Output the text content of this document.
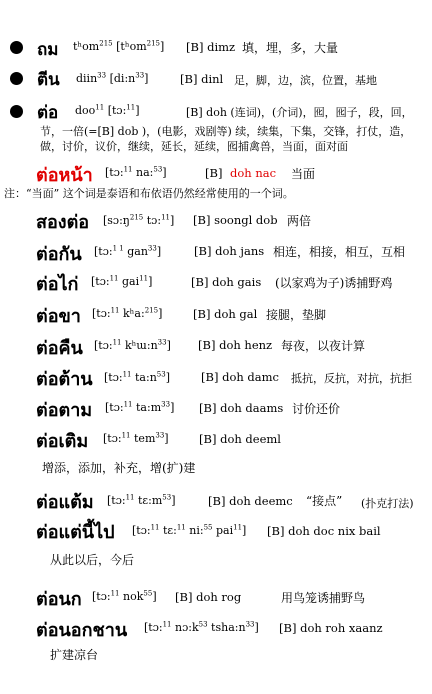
ถม tʰom$^{215}$ [tʰom$^{215}$] [B] dimz 填，埋，多，大量
ตีน diin$^{33}$ $[di:n^{33}]$	[B] dinl 足，脚，边，滨，位置，基地
ต่อ doo$^{11}$ [tɔ:$^{11}$]	[B] doh (连词)，(介词)，囮，囮子，段，回，
节，一倍(=[B] dob )，(电影，戏剧等) 续，续集，下集，交锋，打仗，造，做，讨价，议价，继续，延长，延续，囮捕禽兽，当面，面对面
ต่อหน้า [tɔ:$^{11}$ na:$^{53}$]	[B] doh nac 当面
注：“当面” 这个词是泰语和布依语仍然经常使用的一个词。
สองต่อ [$sɔ:ŋ^{215}$ tɔ:$^{11}$] [B] soongl dob 两倍
ต่อกัน [tɔ:$^{1 1}$ gan$^{33}$]	[B] doh jans 相连，相接，相互，互相
ต่อไก่ [tɔ:$^{11}$ gai$^{11}$]	[B] doh gais (以家鸡为子)诱捕野鸡
ต่อขา [tɔ:$^{11}$ kʰa:$^{215}$]	[B] doh gal 接腿，垫脚
ต่อคืน [tɔ:$^{11}$ $kʰɯ:n^{33}$] [B] doh henz 每夜，以夜计算
ต่อต้าน [tɔ:$^{11}$ $ta:n^{53}$]	[B] doh damc 抵抗，反抗，对抗，抗拒
ต่อตาม [tɔ:$^{11}$ $ta:m^{33}$] [B] doh daams 讨价还价
ต่อเติม [tɔ:$^{11}$ tem$^{33}$]	[B] doh deeml
增添，添加，补充，增(扩)建
ต่อแต้ม [tɔ:$^{11}$ $tɛ:m^{53}$]	[B] doh deemc “接点” (扑克打法)
ต่อแต่นี้ไป [tɔ:$^{11}$ tɛ:$^{11}$ ni:$^{55}$ pai$^{11}$] [B] doh doc nix bail
从此以后，今后
ต่อนก [tɔ:$^{11}$ nok$^{55}$] [B] doh rog	用鸟笼诱捕野鸟
ต่อนอกชาน [tɔ:$^{11}$ $nɔ:k^{53}$ $tsha:n^{33}$] [B] doh roh xaanz
扩建凉台
